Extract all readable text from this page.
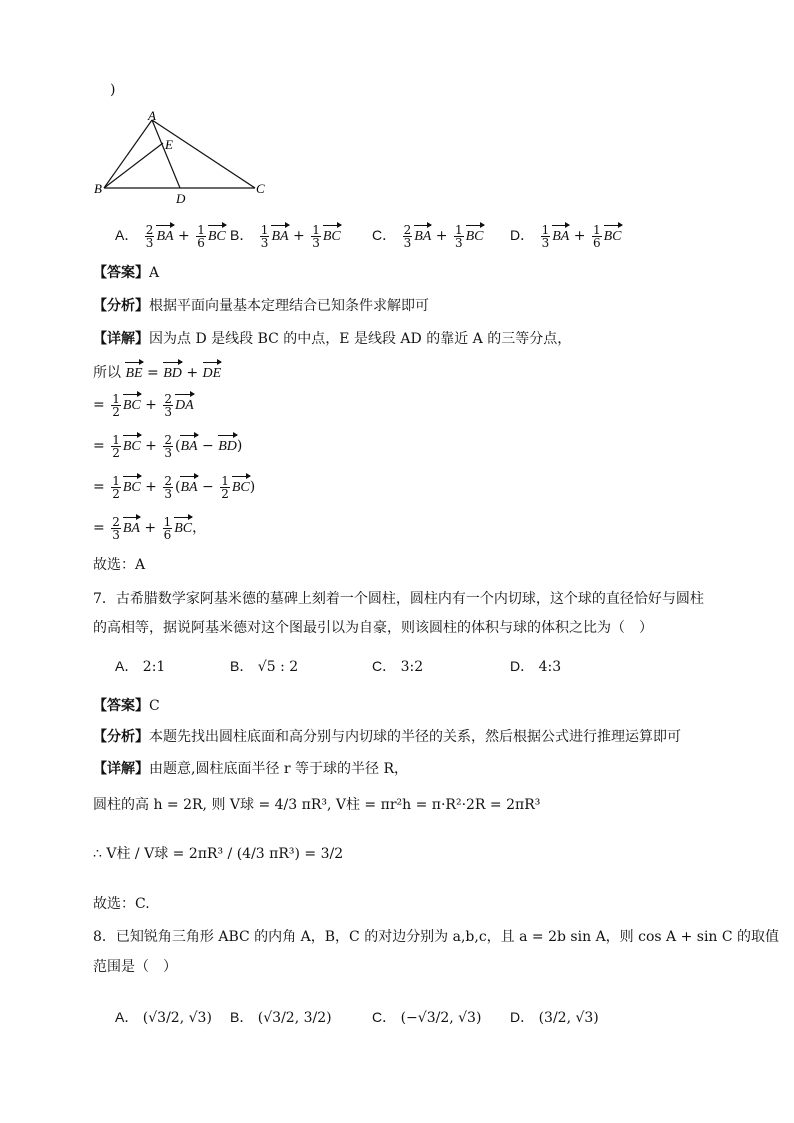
)
A
E
B
D
C
A． $\frac{2}{3}$ BA + $\frac{1}{6}$ BC B． $\frac{1}{3}$ BA + $\frac{1}{3}$ BC C． $\frac{2}{3}$ BA + $\frac{1}{3}$ BC D． $\frac{1}{3}$ BA + $\frac{1}{6}$ BC
【答案】A
【分析】根据平面向量基本定理结合已知条件求解即可
【详解】因为点 D 是线段 BC 的中点，E 是线段 AD 的靠近 A 的三等分点，
所以 BE = BD + DE
= $\frac{1}{2}$ BC + $\frac{2}{3}$ DA
= $\frac{1}{2}$ BC + $\frac{2}{3} (BA - BD)$
= $\frac{1}{2}$ BC + $\frac{2}{3} (BA - \frac{1}{2} BC)$
= $\frac{2}{3}$ BA + $\frac{1}{6}$ BC，
故选：A
7．古希腊数学家阿基米德的墓碑上刻着一个圆柱，圆柱内有一个内切球，这个球的直径恰好与圆柱
的高相等，据说阿基米德对这个图最引以为自豪，则该圆柱的体积与球的体积之比为（　）
A． 2:1	B． √5 : 2	C． 3:2	D． 4:3
【答案】C
【分析】本题先找出圆柱底面和高分别与内切球的半径的关系，然后根据公式进行推理运算即可
【详解】由题意,圆柱底面半径 r 等于球的半径 R，
圆柱的高 h = 2R, 则 V球 = 4/3 πR³, V柱 = πr²h = π·R²·2R = 2πR³
∴ V柱 / V球 = 2πR³ / (4/3 πR³) = 3/2
故选：C.
8．已知锐角三角形 ABC 的内角 A，B，C 的对边分别为 a,b,c，且 a = 2b sin A，则 cos A + sin C 的取值
范围是（　）
A． (√3/2, √3) B． (√3/2, 3/2)	C． (−√3/2, √3) D． (3/2, √3)
